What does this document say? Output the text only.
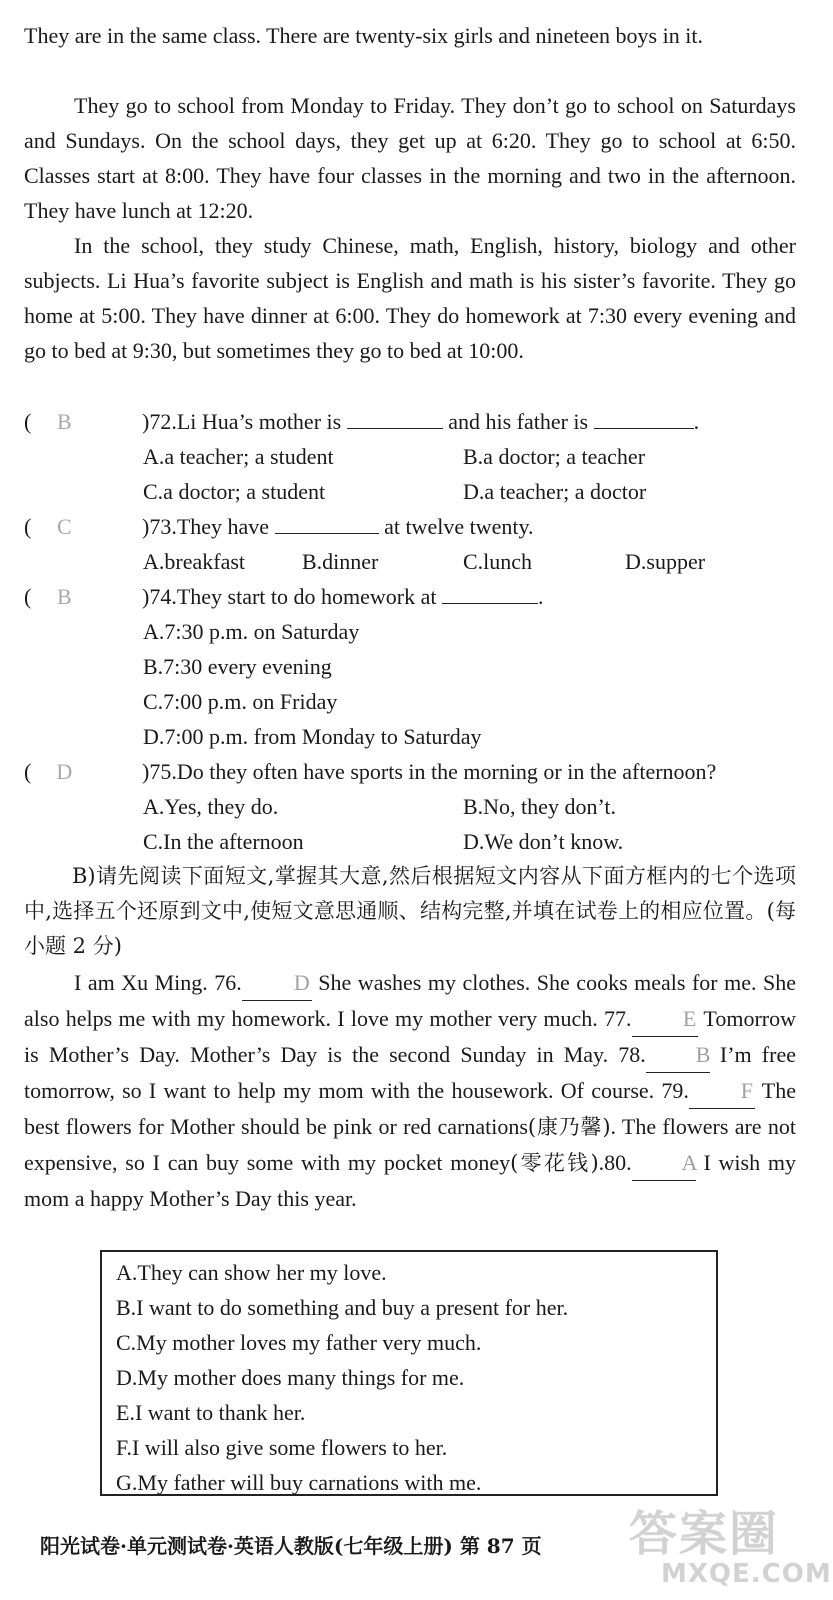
They are in the same class. There are twenty-six girls and nineteen boys in it.

They go to school from Monday to Friday. They don’t go to school on Saturdays and Sundays. On the school days, they get up at 6:20. They go to school at 6:50. Classes start at 8:00. They have four classes in the morning and two in the afternoon. They have lunch at 12:20.

In the school, they study Chinese, math, English, history, biology and other subjects. Li Hua’s favorite subject is English and math is his sister’s favorite. They go home at 5:00. They have dinner at 6:00. They do homework at 7:30 every evening and go to bed at 9:30, but sometimes they go to bed at 10:00.

( B	)72.Li Hua’s mother is	and his father is	.
A.a teacher; a student	B.a doctor; a teacher
C.a doctor; a student	D.a teacher; a doctor
( C	)73.They have	at twelve twenty.
A.breakfast	B.dinner	C.lunch	D.supper
( B	)74.They start to do homework at	.
A.7:30 p.m. on Saturday
B.7:30 every evening
C.7:00 p.m. on Friday
D.7:00 p.m. from Monday to Saturday
( D	)75.Do they often have sports in the morning or in the afternoon?
A.Yes, they do.	B.No, they don’t.
C.In the afternoon	D.We don’t know.

B)请先阅读下面短文,掌握其大意,然后根据短文内容从下面方框内的七个选项中,选择五个还原到文中,使短文意思通顺、结构完整,并填在试卷上的相应位置。(每小题 2 分)

I am Xu Ming. 76. D She washes my clothes. She cooks meals for me. She also helps me with my homework. I love my mother very much. 77. E Tomorrow is Mother’s Day. Mother’s Day is the second Sunday in May. 78. B I’m free tomorrow, so I want to help my mom with the housework. Of course. 79. F The best flowers for Mother should be pink or red carnations(康乃馨). The flowers are not expensive, so I can buy some with my pocket money(零花钱).80. A I wish my mom a happy Mother’s Day this year.

A.They can show her my love.
B.I want to do something and buy a present for her.
C.My mother loves my father very much.
D.My mother does many things for me.
E.I want to thank her.
F.I will also give some flowers to her.
G.My father will buy carnations with me.
阳光试卷·单元测试卷·英语人教版(七年级上册) 第 87 页 答案圈
MXQE.COM
